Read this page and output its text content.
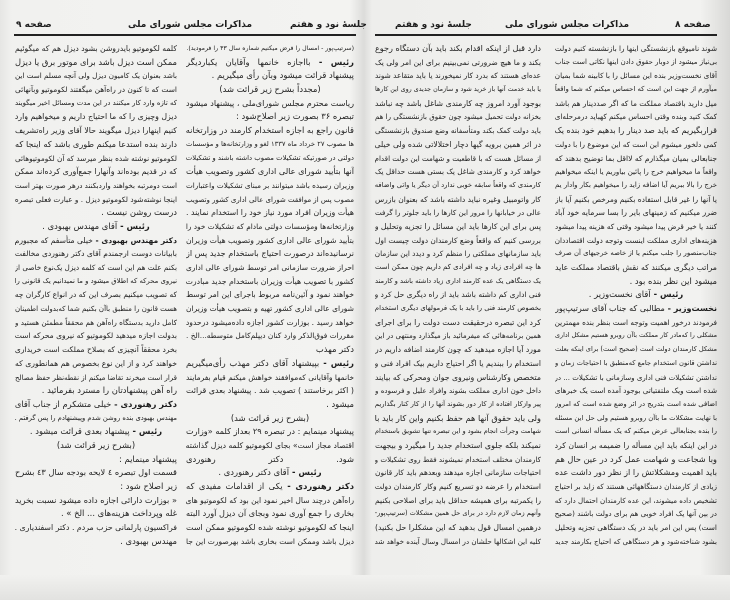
صفحه ۹	مذاکرات مجلس شورای ملی	جلسهٔ نود و هفتم
(سرتیپ‌پور - امسال را فرض میکنیم شماره سال ۴۳ را فرمودید).
رئیس - بااجازه خانمها وآقایان یکباردیگر
پیشنهاد قرائت میشود وبآن رأی میگیریم .
(مجدداً بشرح زیر قرائت شد)
ریاست محترم مجلس شورای‌ملی ، پیشنهاد میشود
تبصره ۳۶ بصورت زیر اصلاح‌شود :
قانون راجع به اجازه استخدام کارمند در وزارتخانه
ها مصوب ۲۷ خرداد ماه ۱۳۳۷ لغو و وزارتخانه‌ها و مؤسسات
دولتی در صورتیکه تشکیلات مصوب داشته باشند و تشکیلات
آنها بتأیید شورای عالی اداری کشور وتصویب هیأت
وزیران رسیده باشد میتوانند بر مبنای تشکیلات واعتبارات
مصوب پس از موافقت شورای عالی اداری کشور وتصویب
هیأت وزیران افراد مورد نیاز خود را استخدام نمایند .
وزارتخانه‌ها ومؤسسات دولتی مادام که تشکیلات خود را
بتأیید شورای عالی اداری کشور وتصویب هیأت وزیران
نرسانیده‌اند درصورت احتیاج باستخدام جدید پس از
احراز ضرورت سازمانی امر توسط شورای عالی اداری
کشور با تصویب هیأت وزیران باستخدام جدید مبادرت
خواهند نمود و آئین‌نامه مربوط باجرای این امر توسط
شورای عالی اداری کشور تهیه و بتصویب هیأت وزیران
خواهد رسید . بوزارت کشور اجازه داده‌میشود درحدود
مقررات فوق‌الذکر وارد کنان دیپلم‌کامل متوسطه...الخ .
دکتر مهذب
رئیس - بپیشنهاد آقای دکتر مهذب رأی‌میگیریم
خانمها وآقایانی که‌موافقند خواهش میکنم قیام بفرمایند
( اکثر برخاستند ) تصویب شد . پیشنهاد بعدی قرائت
میشود .
(بشرح زیر قرائت شد)
پیشنهاد مینمایم : در تبصره ۲۹ بعداز کلمه «وزارت
اقتصاد مجاز است» بجای لکوموتیو کلمه دیزل گذاشته
شود. دکتر رهنوردی
رئیس - آقای دکتر رهنوردی .
دکتر رهنوردی - یکی از اقدامات مفیدی که
راه‌آهن درچند سال اخیر نمود این بود که لکوموتیو های
بخاری را جمع آوری نمود وبجای آن دیزل آورد البته
اینجا که لکوموتیو نوشته شده لکوموتیو ممکن است
دیزل باشد وممکن است بخاری باشد بهرصورت این جا
کلمه لکوموتیو بایدروشن بشود دیزل هم که میگوئیم
ممکن است دیزل باشد برای موتور برق یا دیزل
باشد بعنوان یک کامیون دیزل ولی آنچه مسلم است این
است که تا کنون در راه‌آهن میگفتند لکوموتیو وبآنهائی
که تازه وارد کار میکنند در این مدت ومسائل اخیر میگویند
دیزل وچیزی را که ما احتیاج داریم و میخواهیم وارد
کنیم اینهارا دیزل میگویند حالا آقای وزیر راه‌تشریف
دارند بنده استدعا میکنم طوری باشد که اینجا که
لکوموتیو نوشته شده بنظر میرسد که آن لکوموتیوهائی
که در قدیم بوده‌اند وآنهارا جمع‌آوری کرده‌اند ممکن
است دومرتبه بخواهند واردبکنند درهر صورت بهتر است
اینجا نوشته‌شود لکوموتیو دیزل . و عبارت فعلی تبصره
درست روشن نیست .
رئیس - آقای مهندس بهبودی .
دکتر مهندس بهبودی - خیلی متأسفم که مجبورم
بابیانات دوست ارجمندم آقای دکتر رهنوردی مخالفت
بکنم علت هم این است که کلمه دیزل یک‌نوع خاصی از
نیروی محرکه که اطلاق میشود و ما نمیدانیم یک قانونی را
که تصویب میکنیم بصرف این که در انواع کارگران چه
هست قانون را منطبق باآن بکنیم شما که‌بدولت اطمینان
کامل دارید بدستگاه راه‌آهن هم محققاً مطمئن هستید و
بدولت اجازه میدهید لکوموتیو که نیروی محرکه است
بخرد محققاً آنچیزی که بصلاح مملکت است خریداری
خواهند کرد و از این نوع بخصوص هم همانطوری که
قرار است میخرند تقاضا میکنم از نقطه‌نظر حفظ مصالح
راه آهن پیشنهادتان را مسترد بفرمائید .
دکتر رهنوردی - خیلی متشکرم از جناب آقای
مهندس بهبودی بنده روشن شدم وپیشنهادم را پس گرفتم .
رئیس - پیشنهاد بعدی قرائت میشود .
(بشرح زیر قرائت شد)
پیشنهاد مینمایم :
قسمت اول تبصره ٤ لایحه بودجه سال ٤٣ بشرح
زیر اصلاح شود :
« بوزارت دارائی اجازه داده میشود نسبت بخرید
غله وپرداخت هزینه‌های ... الخ » .
فراکسیون پارلمانی حزب مردم . دکتر اسفندیاری .
مهندس بهبودی .
جلسهٔ نود و هفتم	مذاکرات مجلس شورای ملی	صفحه ۸
شوند نامیوقع بازنشستگی اینها را بازنشسته کنیم دولت
بی‌نیاز میشود از دوبار حقوق دادن اینها نکاتی است جناب
آقای نخست‌وزیر بنده این مسائل را با کابینه شما بمیان
میآورم از جهت این است که احساس میکنم که شما واقعاً
میل دارید باقتصاد مملکت ما که اگر صددینار هم باشد
کمک کنید وبنده وقتی احساس میکنم کهباید درمرحله‌ای
قراربگیریم که باید صد دینار را بدهیم خود بنده یک
کمی دلخور میشوم این است که این موضوع را با دولت
جنابعالی بمیان میگذارم که لااقل بما توضیح بدهند که
واقعاً ما میخواهیم خرج را پائین بیاوریم یا اینکه میخواهیم
خرج را بالا ببریم آیا اضافه زاید را میخواهیم بکار وادار یم
یا آنها را غیر قابل استفاده بکنیم ومرخص بکنیم آیا باز
ضرر میکنیم که زمینهای بایر را بسا سرمایه خود آباد
کنند یا خیر قرض پیدا میشود وقتی که هزینه پیدا میشود
هزینه‌های اداری مملکت اینست وتوجه دولت اقتصاددان
جناب‌منصور را جلب میکنم یا از خاصه خرجیهای آن صرف
مراتب دیگری میکنند که نقش باقتصاد مملکت عاید
میشود این نظر بنده بود .
رئیس - آقای نخست‌وزیر .
نخست‌وزیر - مطالبی که جناب آقای سرتیپ‌پور
فرمودند درخور اهمیت وتوجه است بنظر بنده مهمترین
مشکلی را که‌مادر کار مملکت باآن روبرو هستیم مشکل اداری
مشکل کارمندان دولت است (صحیح است) برای اینکه بعلت
نداشتن قانون استخدام جامع که‌منطبق با احتیاجات زمان و
نداشتن تشکیلات فنی اداری وسازمانی با تشکیلات ... در
شده است ویک ملتفتیاتی بوجود آمده است یک خبرهای
اضافی شده است بتدریج در اثر وضع شده است که امروز
با نهایت مشکلات ما باآن روبرو هستیم ولی حل این مسئله
را بنده بجنابعالی عرض میکنم که یک مسأله انسانی است
در این اینکه باید این مسأله را ضمیمه بر انسان کرد
وبا شجاعت و شهامت عمل کرد در عین حال هم
باید اهمیت ومشکلاتش را از نظر دور داشت عده
زیادی از کارمندان دستگاههائی هستند که زاید بر احتیاج
تشخیص داده میشوند، این عده کارمندان احتمال دارد که
در بین آنها یک افراد خوبی هم برای دولت باشند (صحیح
است) پس این امر باید در یک دستگاهی تجزیه وتحلیل
بشود شناخته‌شود و هر دستگاهی که احتیاج بکارمند جدید
دارد قبل از اینکه اقدام بکند باید بآن دستگاه رجوع
بکند و ما هیچ ضرورتی نمی‌بینیم برای این امر ولی یک
عده‌ای هستند که بدرد کار نمیخورند یا باید متقاعد شوند
یا باید خدمت آنها باز خرید شود و سازمان جدیدی روی این کارها
بوجود آورد امروز چه کارمندی شاغل باشد چه نباشد
بخزانه دولت تحمیل میشود چون حقوق بازنشستگی را هم
باید دولت کمک بکند ومتأسفانه وضع صندوق بازنشستگی
در اثر همین برویه گیها دچار اختلالاتی شده ولی خیلی
از مسائل هست که با قاطعیت و شهامت این دولت اقدام
خواهد کرد و کارمندی شاغل یک بستی هست حداقل یک
کارمندی که واقعاً سابقه خوبی ندارد آن دیگر یا واتی واضافه
کار واتومبیل وغیره نباید داشته باشد که بعنوان بازرس
عالی در خیابانها را مرور این کارها را باید جلوتر را گرفت
پس برای این کارها باید این مسائل را تجزیه وتحلیل و
بررسی کنیم که واقعاً وضع کارمندان دولت چیست اول
باید سازمانهای مملکتی را منظم کرد و دیدد این سازمان
ها چه افرادی زیاد و چه افرادی کم داریم چون ممکن است
یک دستگاهی یک عده کارمند اداری زیاد داشته باشد و کارمند
فنی اداری کم داشته باشد باید از راه دیگری حل کرد و
بخصوص کارمند فنی را باید با یک فرمولهای دیگری استخدام
کرد این تبصره درحقیقت دست دولت را برای اجرای
همین برنامه‌هائی که میفرمائید باز میگذارد ومنتهی در این
مورد آیا اجازه میدهید که چون کارمند اضافه داریم در
استخدام را ببندیم یا اگر احتیاج داریم بیک افراد فنی و
متخصص وکارشناس ونیروی جوان ومحرکی که بیایند
داخل خون اداری مملکت بشوند وافراد علیل و فرسوده و
پیر وازکار افتاده از کار دور بشوند آنها را از کار کنار بگذاریم
ولی باید حقوق آنها هم حفظ بکنیم واین کار باید با
شهامت وجرأت انجام بشود و این تبصره تنها تشویق باستخدام
نمیکند بلکه جلوی استخدام جدید را میگیرد و بیجهت
کارمندان مختلف استخدام نمیشوند فقط روی تشکیلات و
احتیاجات سازمانی اجازه میدهند وبعدهم باید کار قانون
استخدام را عرضه دو تسریع کنیم وکار کارمندان دولت
را یکمرتبه برای همیشه حداقل باید برای اصلاحی بکنیم
وآنهم زمان لازم دارد در برای حل همین مشکلات (سرتیپ‌پور-
درهمین امسال قول بدهید که این مشکلرا حل بکنید)
کلیه این اشکالها حلشان در امسال وسال آینده خواهد شد
